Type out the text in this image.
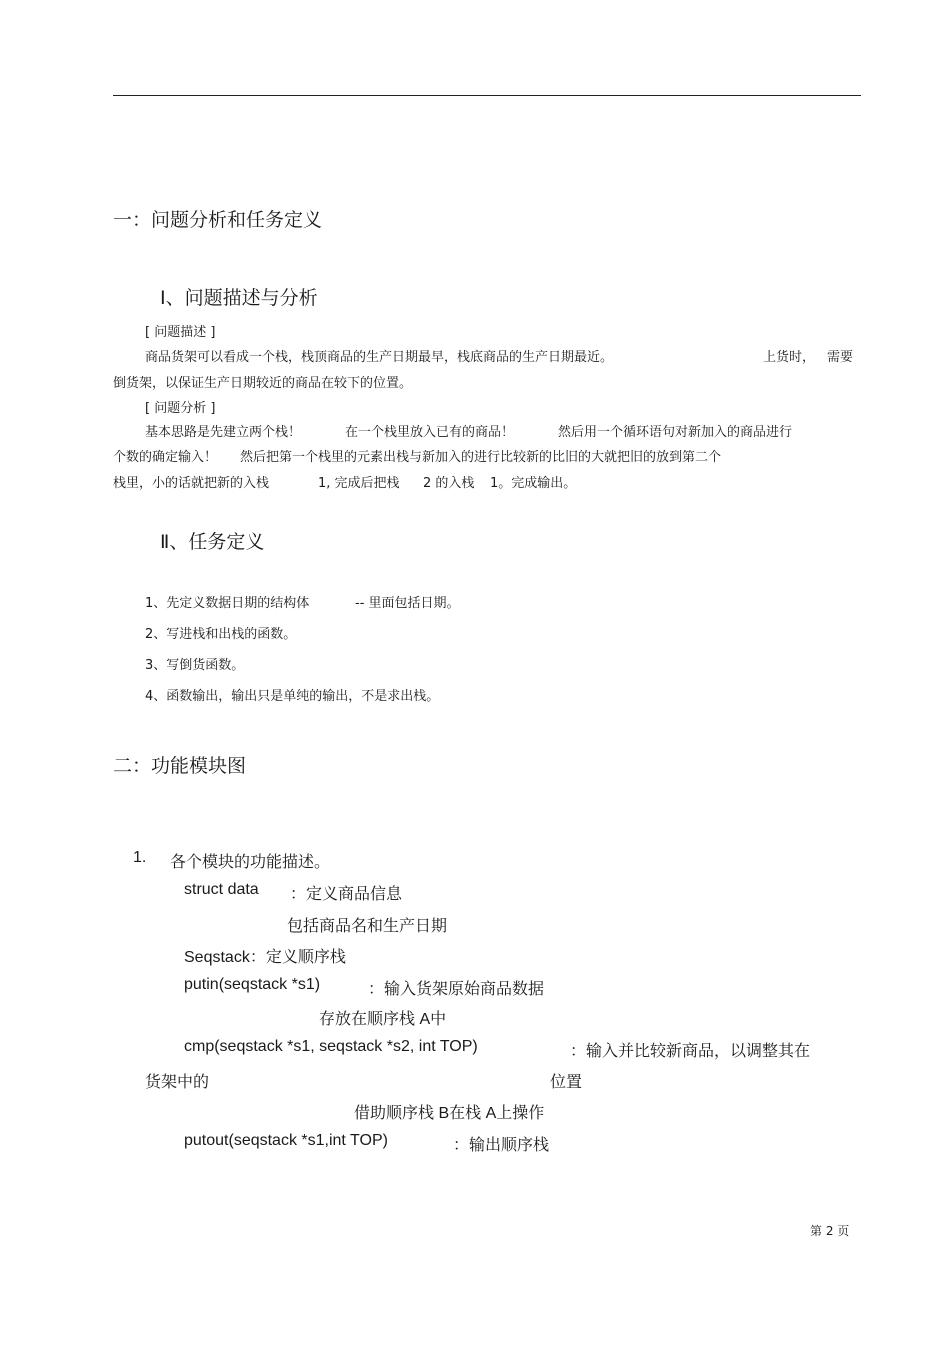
一：问题分析和任务定义
Ⅰ、问题描述与分析
[ 问题描述 ]
商品货架可以看成一个栈，栈顶商品的生产日期最早，栈底商品的生产日期最近。	上货时， 需要
倒货架，以保证生产日期较近的商品在较下的位置。
[ 问题分析 ]
基本思路是先建立两个栈！	在一个栈里放入已有的商品！	然后用一个循环语句对新加入的商品进行
个数的确定输入！ 然后把第一个栈里的元素出栈与新加入的进行比较新的比旧的大就把旧的放到第二个
栈里，小的话就把新的入栈	1, 完成后把栈 2 的入栈 1。完成输出。
Ⅱ、任务定义
1、先定义数据日期的结构体	-- 里面包括日期。
2、写进栈和出栈的函数。
3、写倒货函数。
4、函数输出，输出只是单纯的输出，不是求出栈。
二：功能模块图
1. 各个模块的功能描述。
struct data ：定义商品信息
包括商品名和生产日期
Seqstack：定义顺序栈
putin(seqstack *s1)	：输入货架原始商品数据
存放在顺序栈 A中
cmp(seqstack *s1, seqstack *s2, int TOP)	：输入并比较新商品，以调整其在
货架中的	位置
借助顺序栈 B在栈 A上操作
putout(seqstack *s1,int TOP)	：输出顺序栈
第 2 页
